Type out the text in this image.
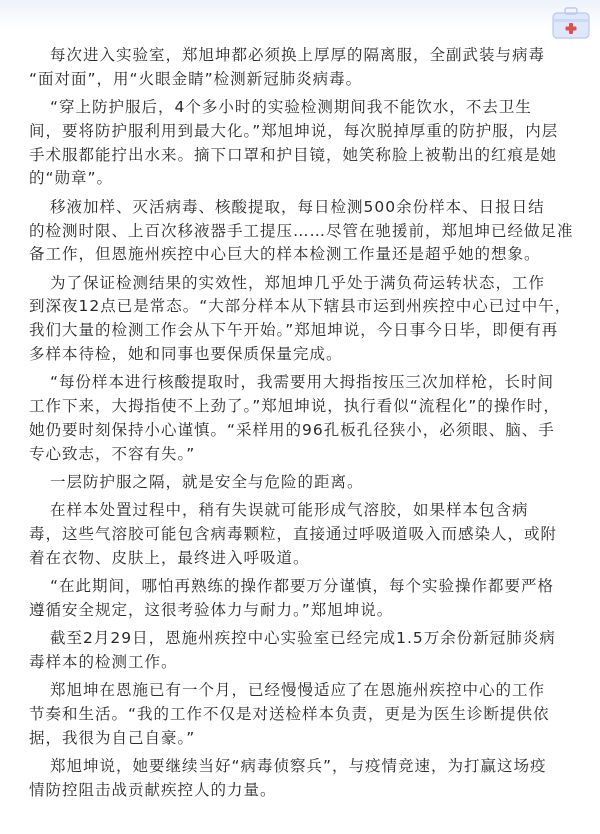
每次进入实验室，郑旭坤都必须换上厚厚的隔离服，全副武装与病毒
“面对面”，用“火眼金睛”检测新冠肺炎病毒。

“穿上防护服后，4个多小时的实验检测期间我不能饮水，不去卫生
间，要将防护服利用到最大化。”郑旭坤说，每次脱掉厚重的防护服，内层
手术服都能拧出水来。摘下口罩和护目镜，她笑称脸上被勒出的红痕是她
的“勋章”。

移液加样、灭活病毒、核酸提取，每日检测500余份样本、日报日结
的检测时限、上百次移液器手工提压……尽管在驰援前，郑旭坤已经做足准
备工作，但恩施州疾控中心巨大的样本检测工作量还是超乎她的想象。

为了保证检测结果的实效性，郑旭坤几乎处于满负荷运转状态，工作
到深夜12点已是常态。“大部分样本从下辖县市运到州疾控中心已过中午，
我们大量的检测工作会从下午开始。”郑旭坤说，今日事今日毕，即便有再
多样本待检，她和同事也要保质保量完成。

“每份样本进行核酸提取时，我需要用大拇指按压三次加样枪，长时间
工作下来，大拇指使不上劲了。”郑旭坤说，执行看似“流程化”的操作时，
她仍要时刻保持小心谨慎。“采样用的96孔板孔径狭小，必须眼、脑、手
专心致志，不容有失。”

一层防护服之隔，就是安全与危险的距离。

在样本处置过程中，稍有失误就可能形成气溶胶，如果样本包含病
毒，这些气溶胶可能包含病毒颗粒，直接通过呼吸道吸入而感染人，或附
着在衣物、皮肤上，最终进入呼吸道。

“在此期间，哪怕再熟练的操作都要万分谨慎，每个实验操作都要严格
遵循安全规定，这很考验体力与耐力。”郑旭坤说。

截至2月29日，恩施州疾控中心实验室已经完成1.5万余份新冠肺炎病
毒样本的检测工作。

郑旭坤在恩施已有一个月，已经慢慢适应了在恩施州疾控中心的工作
节奏和生活。“我的工作不仅是对送检样本负责，更是为医生诊断提供依
据，我很为自己自豪。”

郑旭坤说，她要继续当好“病毒侦察兵”，与疫情竞速，为打赢这场疫
情防控阻击战贡献疾控人的力量。
